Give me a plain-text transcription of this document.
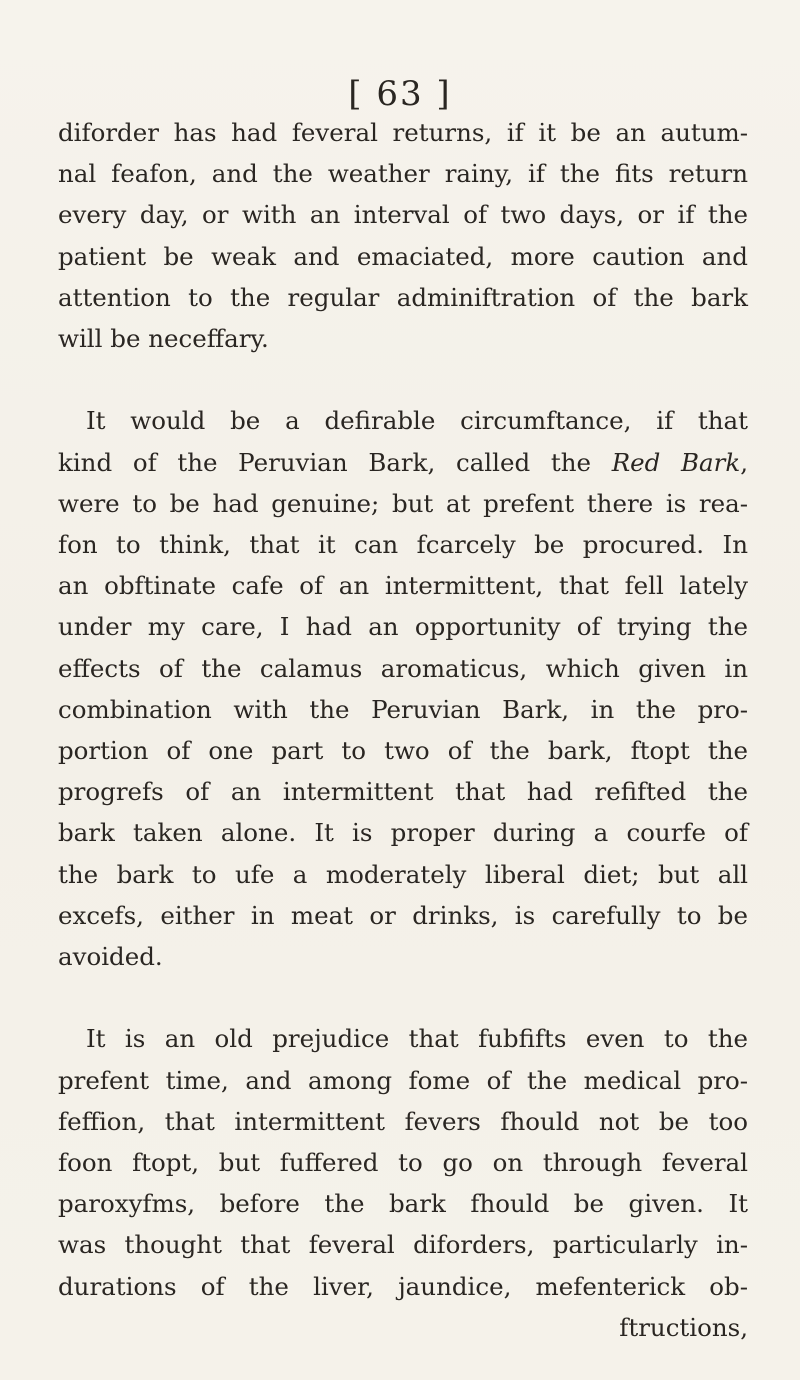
[ 63 ]
diforder has had feveral returns, if it be an autum-
nal feafon, and the weather rainy, if the fits return
every day, or with an interval of two days, or if the
patient be weak and emaciated, more caution and
attention to the regular adminiftration of the bark
will be neceffary.
It would be a defirable circumftance, if that
kind of the Peruvian Bark, called the Red Bark,
were to be had genuine; but at prefent there is rea-
fon to think, that it can fcarcely be procured. In
an obftinate cafe of an intermittent, that fell lately
under my care, I had an opportunity of trying the
effects of the calamus aromaticus, which given in
combination with the Peruvian Bark, in the pro-
portion of one part to two of the bark, ftopt the
progrefs of an intermittent that had refifted the
bark taken alone. It is proper during a courfe of
the bark to ufe a moderately liberal diet; but all
excefs, either in meat or drinks, is carefully to be
avoided.
It is an old prejudice that fubfifts even to the
prefent time, and among fome of the medical pro-
feffion, that intermittent fevers fhould not be too
foon ftopt, but fuffered to go on through feveral
paroxyfms, before the bark fhould be given. It
was thought that feveral diforders, particularly in-
durations of the liver, jaundice, mefenterick ob-
ftructions,
